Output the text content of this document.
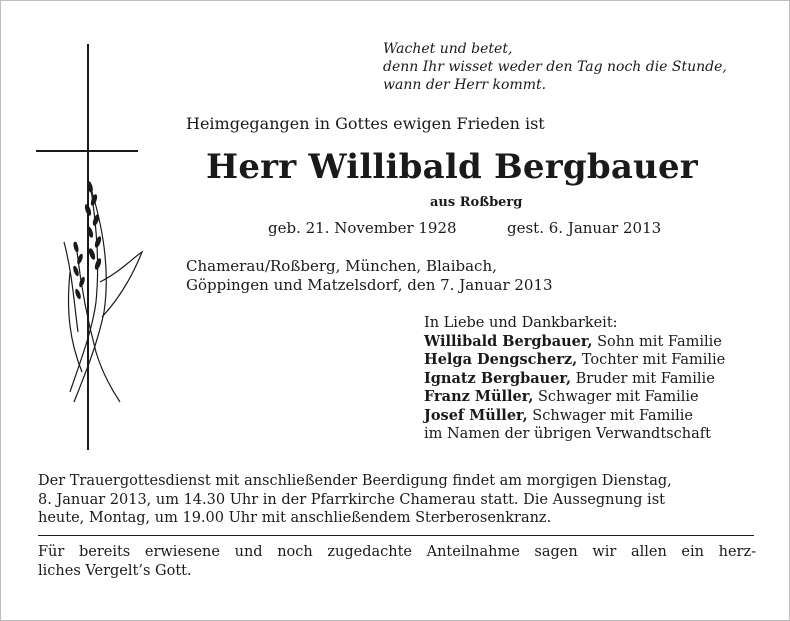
Wachet und betet,
denn Ihr wisset weder den Tag noch die Stunde,
wann der Herr kommt.
Heimgegangen in Gottes ewigen Frieden ist
Herr Willibald Bergbauer
aus Roßberg
geb. 21. November 1928	gest. 6. Januar 2013
Chamerau/Roßberg, München, Blaibach,
Göppingen und Matzelsdorf, den 7. Januar 2013
In Liebe und Dankbarkeit:
Willibald Bergbauer, Sohn mit Familie
Helga Dengscherz, Tochter mit Familie
Ignatz Bergbauer, Bruder mit Familie
Franz Müller, Schwager mit Familie
Josef Müller, Schwager mit Familie
im Namen der übrigen Verwandtschaft
Der Trauergottesdienst mit anschließender Beerdigung findet am morgigen Dienstag,
8. Januar 2013, um 14.30 Uhr in der Pfarrkirche Chamerau statt. Die Aussegnung ist
heute, Montag, um 19.00 Uhr mit anschließendem Sterberosenkranz.
Für bereits erwiesene und noch zugedachte Anteilnahme sagen wir allen ein herz-
liches Vergelt’s Gott.
